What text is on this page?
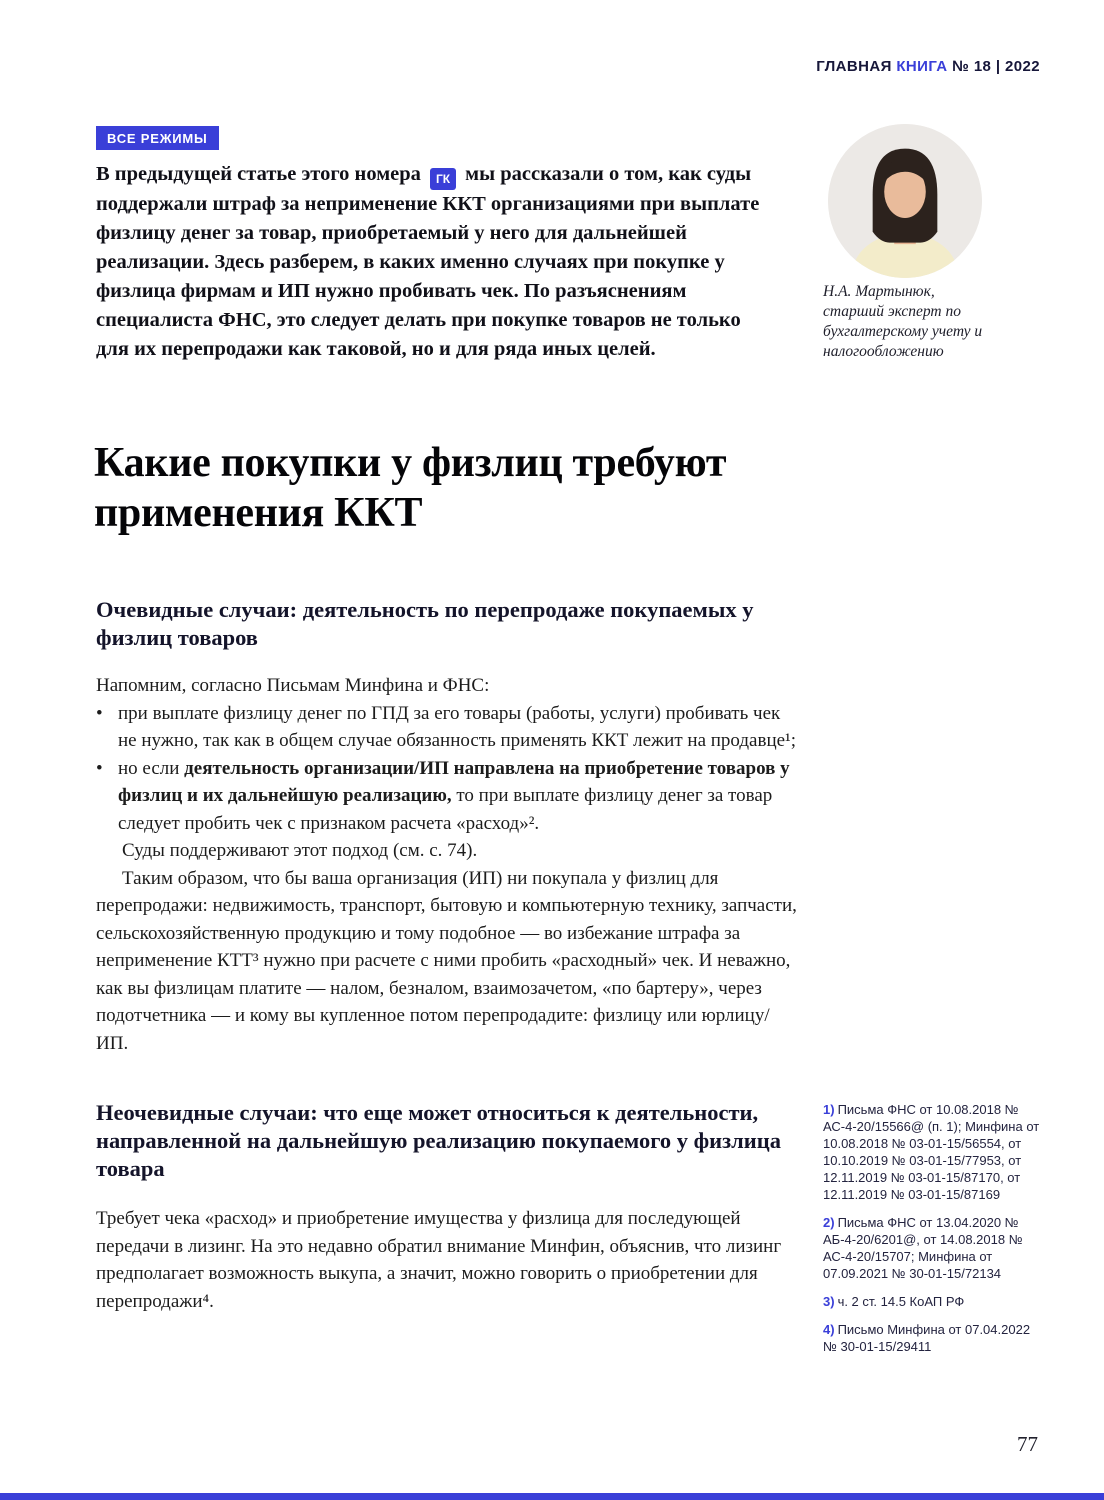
ГЛАВНАЯ КНИГА № 18 | 2022
ВСЕ РЕЖИМЫ

В предыдущей статье этого номера ГК мы рассказали о том, как суды поддержали штраф за неприменение ККТ организациями при выплате физлицу денег за товар, приобретаемый у него для дальнейшей реализации. Здесь разберем, в каких именно случаях при покупке у физлица фирмам и ИП нужно пробивать чек. По разъяснениям специалиста ФНС, это следует делать при покупке товаров не только для их перепродажи как таковой, но и для ряда иных целей.

Н.А. Мартынюк,
старший эксперт по бухгалтерскому учету и налогообложению
Какие покупки у физлиц требуют применения ККТ
Очевидные случаи: деятельность по перепродаже покупаемых у физлиц товаров

Напомним, согласно Письмам Минфина и ФНС:

• при выплате физлицу денег по ГПД за его товары (работы, услуги) пробивать чек не нужно, так как в общем случае обязанность применять ККТ лежит на продавце¹;
• но если деятельность организации/ИП направлена на приобретение товаров у физлиц и их дальнейшую реализацию, то при выплате физлицу денег за товар следует пробить чек с признаком расчета «расход»².

Суды поддерживают этот подход (см. с. 74).

Таким образом, что бы ваша организация (ИП) ни покупала у физлиц для перепродажи: недвижимость, транспорт, бытовую и компьютерную технику, запчасти, сельскохозяйственную продукцию и тому подобное — во избежание штрафа за неприменение КТТ³ нужно при расчете с ними пробить «расходный» чек. И неважно, как вы физлицам платите — налом, безналом, взаимозачетом, «по бартеру», через подотчетника — и кому вы купленное потом перепродадите: физлицу или юрлицу/ИП.

Неочевидные случаи: что еще может относиться к деятельности, направленной на дальнейшую реализацию покупаемого у физлица товара

Требует чека «расход» и приобретение имущества у физлица для последующей передачи в лизинг. На это недавно обратил внимание Минфин, объяснив, что лизинг предполагает возможность выкупа, а значит, можно говорить о приобретении для перепродажи⁴.

1) Письма ФНС от 10.08.2018 № АС-4-20/15566@ (п. 1); Минфина от 10.08.2018 № 03-01-15/56554, от 10.10.2019 № 03-01-15/77953, от 12.11.2019 № 03-01-15/87170, от 12.11.2019 № 03-01-15/87169
2) Письма ФНС от 13.04.2020 № АБ-4-20/6201@, от 14.08.2018 № АС-4-20/15707; Минфина от 07.09.2021 № 30-01-15/72134
3) ч. 2 ст. 14.5 КоАП РФ
4) Письмо Минфина от 07.04.2022 № 30-01-15/29411
77
